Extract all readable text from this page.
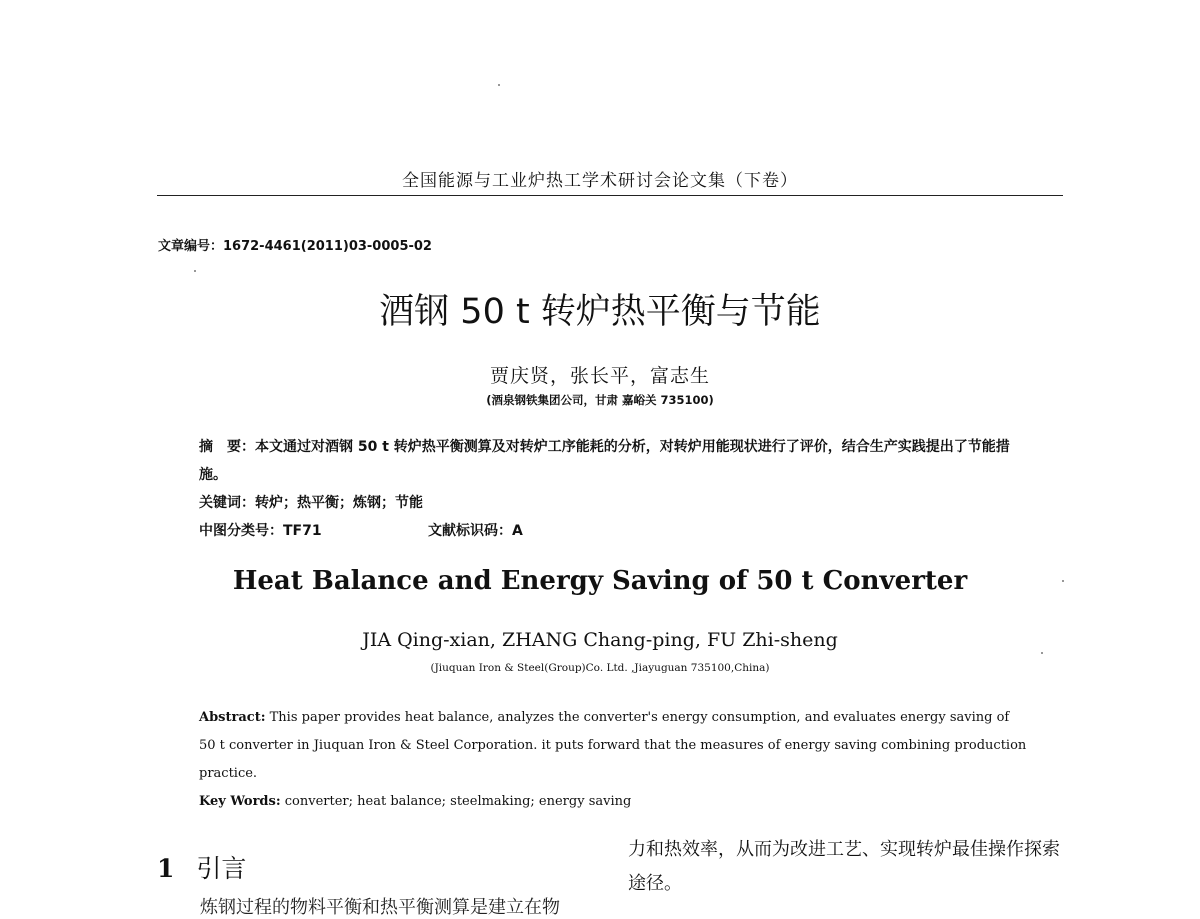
全国能源与工业炉热工学术研讨会论文集（下卷）
文章编号：1672-4461(2011)03-0005-02
酒钢 50 t 转炉热平衡与节能
贾庆贤，张长平，富志生
(酒泉钢铁集团公司，甘肃 嘉峪关 735100)
摘　要：本文通过对酒钢 50 t 转炉热平衡测算及对转炉工序能耗的分析，对转炉用能现状进行了评价，结合生产实践提出了节能措施。
关键词：转炉；热平衡；炼钢；节能
中图分类号：TF71	文献标识码：A
Heat Balance and Energy Saving of 50 t Converter
JIA Qing-xian, ZHANG Chang-ping, FU Zhi-sheng
(Jiuquan Iron & Steel(Group)Co. Ltd. ,Jiayuguan 735100,China)
Abstract: This paper provides heat balance, analyzes the converter's energy consumption, and evaluates energy saving of 50 t converter in Jiuquan Iron & Steel Corporation. it puts forward that the measures of energy saving combining production practice.
Key Words: converter; heat balance; steelmaking; energy saving
1 引言
炼钢过程的物料平衡和热平衡测算是建立在物
力和热效率，从而为改进工艺、实现转炉最佳操作探索途径。
